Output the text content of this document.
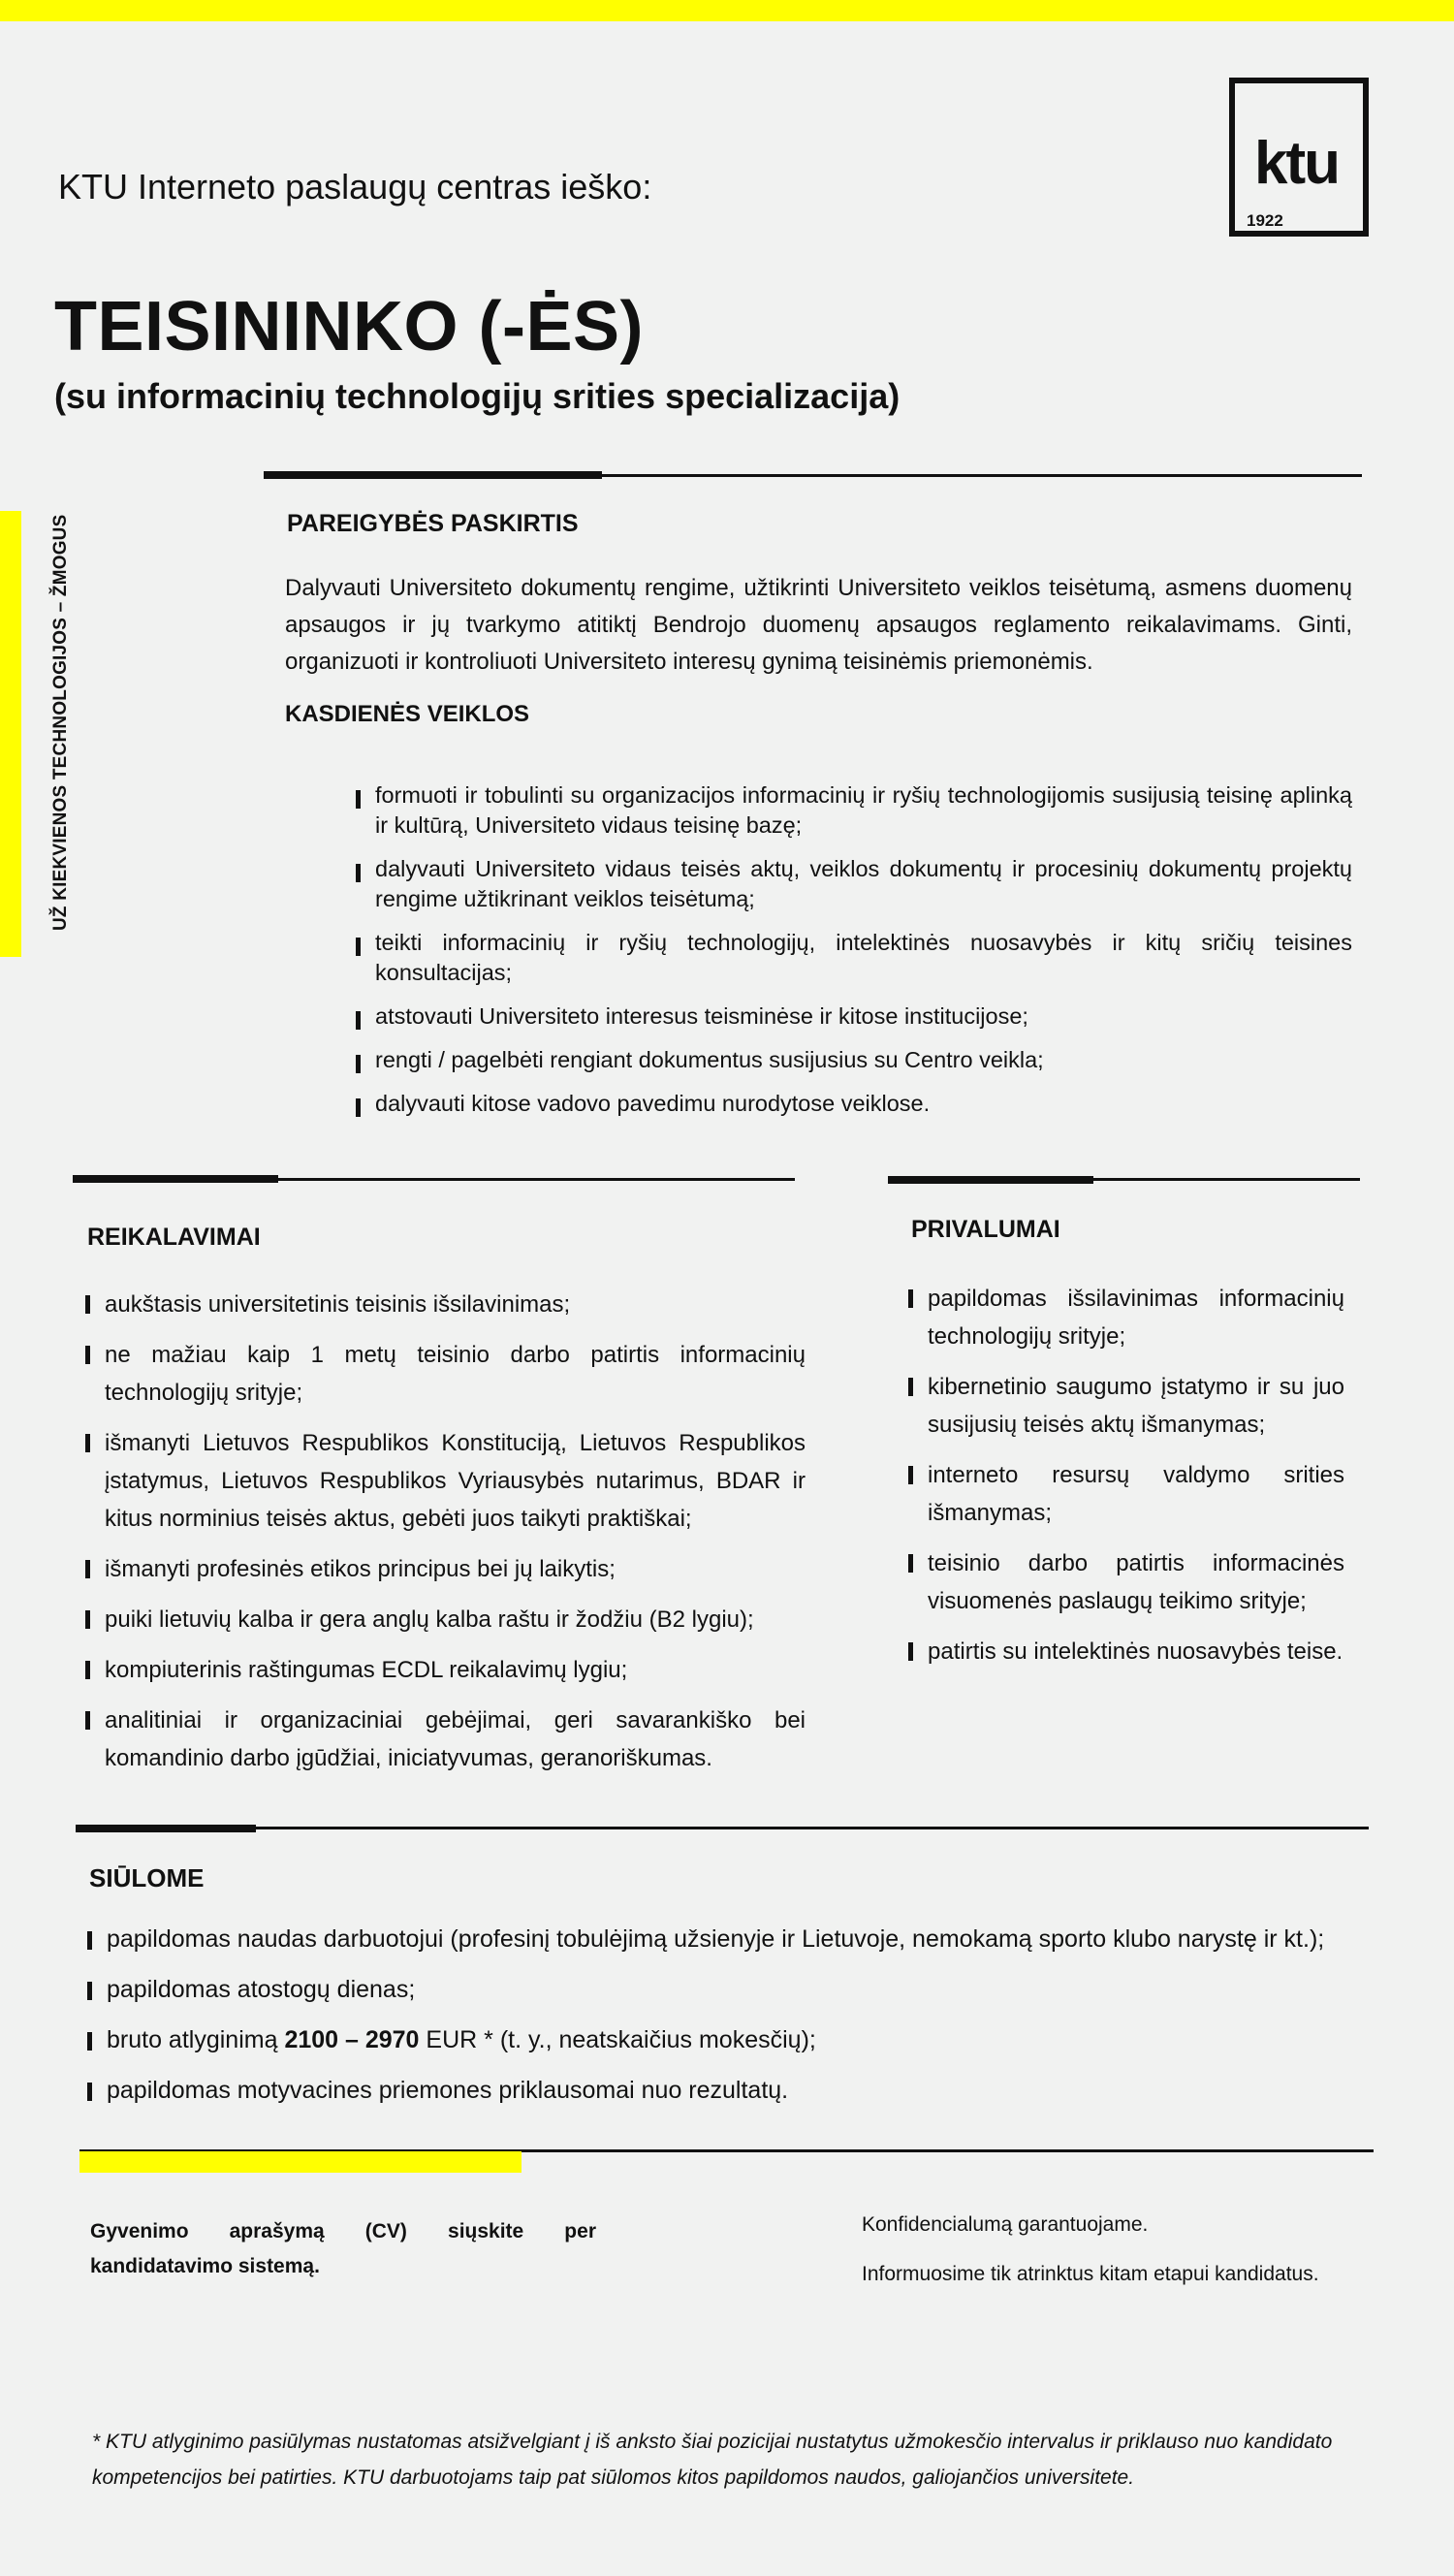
UŽ KIEKVIENOS TECHNOLOGIJOS – ŽMOGUS
ktu
1922
KTU Interneto paslaugų centras ieško:
TEISININKO (-ĖS)
(su informacinių technologijų srities specializacija)
PAREIGYBĖS PASKIRTIS
Dalyvauti Universiteto dokumentų rengime, užtikrinti Universiteto veiklos teisėtumą, asmens duomenų apsaugos ir jų tvarkymo atitiktį Bendrojo duomenų apsaugos reglamento reikalavimams. Ginti, organizuoti ir kontroliuoti Universiteto interesų gynimą teisinėmis priemonėmis.
KASDIENĖS VEIKLOS
formuoti ir tobulinti su organizacijos informacinių ir ryšių technologijomis susijusią teisinę aplinką ir kultūrą, Universiteto vidaus teisinę bazę;
dalyvauti Universiteto vidaus teisės aktų, veiklos dokumentų ir procesinių dokumentų projektų rengime užtikrinant veiklos teisėtumą;
teikti informacinių ir ryšių technologijų, intelektinės nuosavybės ir kitų sričių teisines konsultacijas;
atstovauti Universiteto interesus teisminėse ir kitose institucijose;
rengti / pagelbėti rengiant dokumentus susijusius su Centro veikla;
dalyvauti kitose vadovo pavedimu nurodytose veiklose.
REIKALAVIMAI
aukštasis universitetinis teisinis išsilavinimas;
ne mažiau kaip 1 metų teisinio darbo patirtis informacinių technologijų srityje;
išmanyti Lietuvos Respublikos Konstituciją, Lietuvos Respublikos įstatymus, Lietuvos Respublikos Vyriausybės nutarimus, BDAR ir kitus norminius teisės aktus, gebėti juos taikyti praktiškai;
išmanyti profesinės etikos principus bei jų laikytis;
puiki lietuvių kalba ir gera anglų kalba raštu ir žodžiu (B2 lygiu);
kompiuterinis raštingumas ECDL reikalavimų lygiu;
analitiniai ir organizaciniai gebėjimai, geri savarankiško bei komandinio darbo įgūdžiai, iniciatyvumas, geranoriškumas.
PRIVALUMAI
papildomas išsilavinimas informacinių technologijų srityje;
kibernetinio saugumo įstatymo ir su juo susijusių teisės aktų išmanymas;
interneto resursų valdymo srities išmanymas;
teisinio darbo patirtis informacinės visuomenės paslaugų teikimo srityje;
patirtis su intelektinės nuosavybės teise.
SIŪLOME
papildomas naudas darbuotojui (profesinį tobulėjimą užsienyje ir Lietuvoje, nemokamą sporto klubo narystę ir kt.);
papildomas atostogų dienas;
bruto atlyginimą 2100 – 2970 EUR * (t. y., neatskaičius mokesčių);
papildomas motyvacines priemones priklausomai nuo rezultatų.
Gyvenimo aprašymą (CV) siųskite per
kandidatavimo sistemą.
Konfidencialumą garantuojame.
Informuosime tik atrinktus kitam etapui kandidatus.
* KTU atlyginimo pasiūlymas nustatomas atsižvelgiant į iš anksto šiai pozicijai nustatytus užmokesčio intervalus ir priklauso nuo kandidato kompetencijos bei patirties. KTU darbuotojams taip pat siūlomos kitos papildomos naudos, galiojančios universitete.
